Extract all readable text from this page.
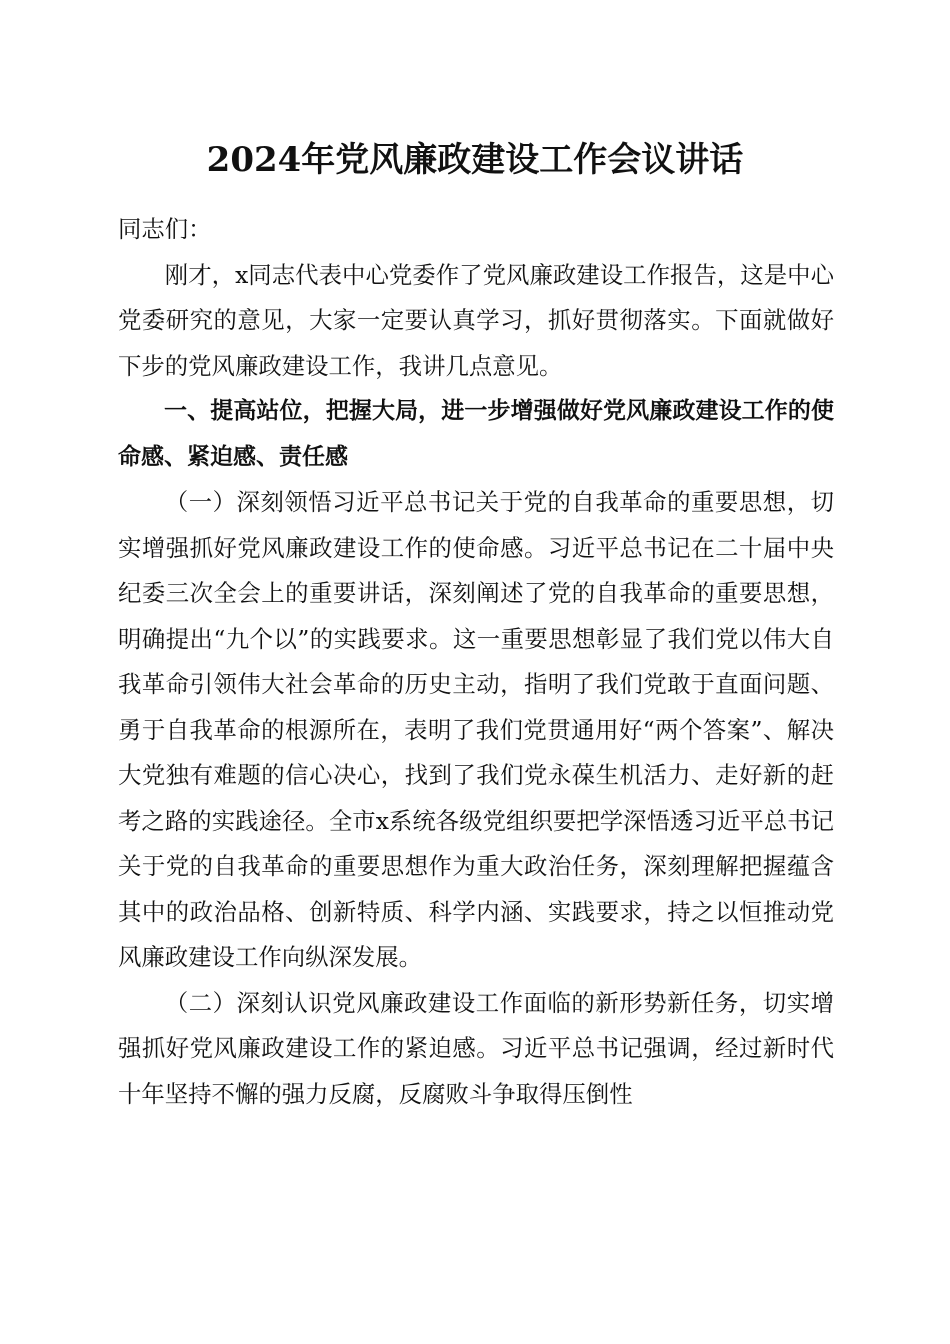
2024年党风廉政建设工作会议讲话

同志们：

刚才，x同志代表中心党委作了党风廉政建设工作报告，这是中心党委研究的意见，大家一定要认真学习，抓好贯彻落实。下面就做好下步的党风廉政建设工作，我讲几点意见。

一、提高站位，把握大局，进一步增强做好党风廉政建设工作的使命感、紧迫感、责任感

（一）深刻领悟习近平总书记关于党的自我革命的重要思想，切实增强抓好党风廉政建设工作的使命感。习近平总书记在二十届中央纪委三次全会上的重要讲话，深刻阐述了党的自我革命的重要思想，明确提出“九个以”的实践要求。这一重要思想彰显了我们党以伟大自我革命引领伟大社会革命的历史主动，指明了我们党敢于直面问题、勇于自我革命的根源所在，表明了我们党贯通用好“两个答案”、解决大党独有难题的信心决心，找到了我们党永葆生机活力、走好新的赶考之路的实践途径。全市x系统各级党组织要把学深悟透习近平总书记关于党的自我革命的重要思想作为重大政治任务，深刻理解把握蕴含其中的政治品格、创新特质、科学内涵、实践要求，持之以恒推动党风廉政建设工作向纵深发展。

（二）深刻认识党风廉政建设工作面临的新形势新任务，切实增强抓好党风廉政建设工作的紧迫感。习近平总书记强调，经过新时代十年坚持不懈的强力反腐，反腐败斗争取得压倒性
